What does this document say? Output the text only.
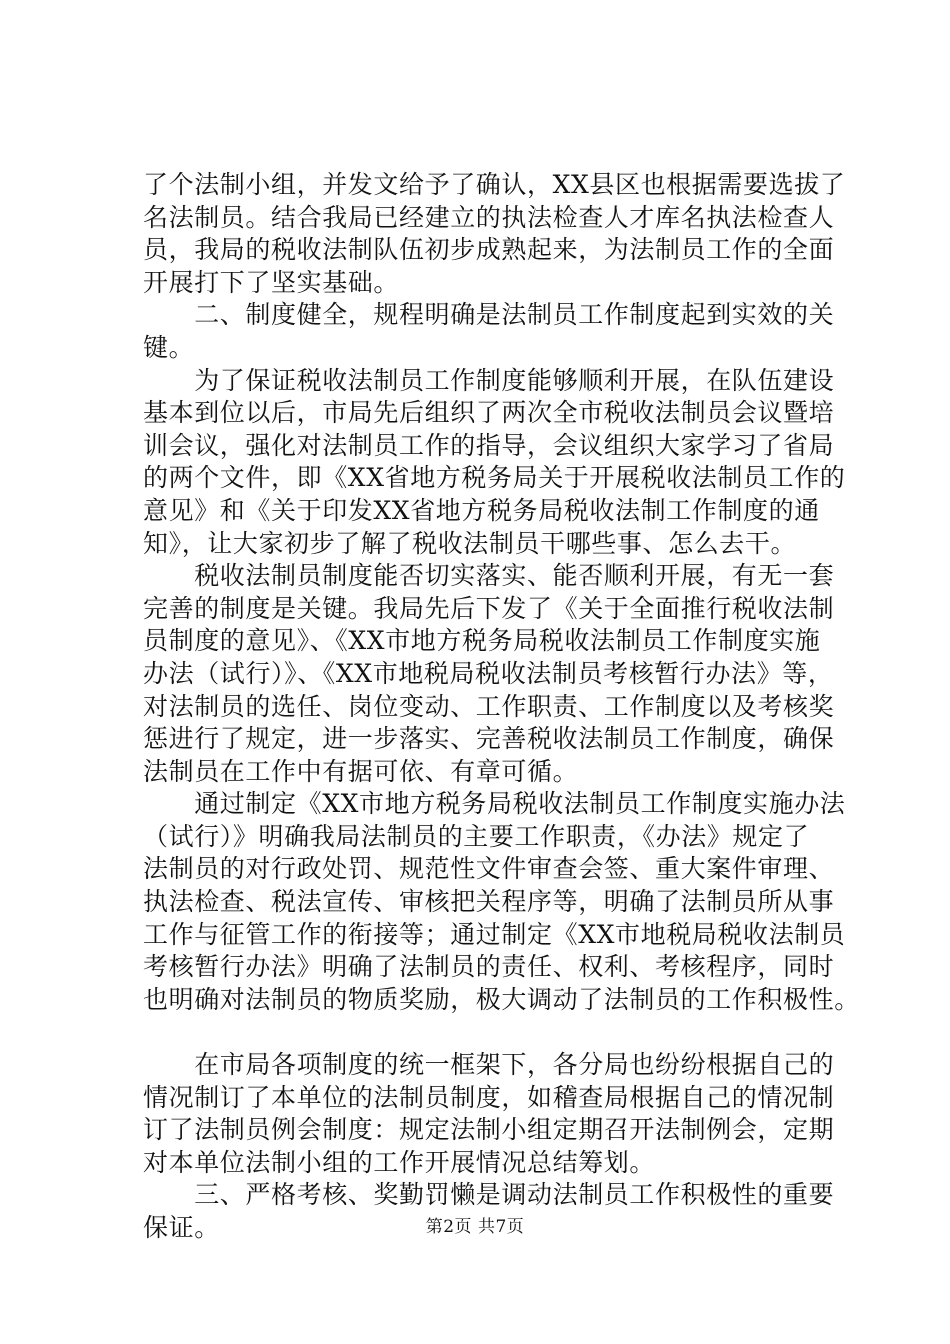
了个法制小组，并发文给予了确认，XX县区也根据需要选拔了
名法制员。结合我局已经建立的执法检查人才库名执法检查人
员，我局的税收法制队伍初步成熟起来，为法制员工作的全面
开展打下了坚实基础。
　　二、制度健全，规程明确是法制员工作制度起到实效的关
键。
　　为了保证税收法制员工作制度能够顺利开展，在队伍建设
基本到位以后，市局先后组织了两次全市税收法制员会议暨培
训会议，强化对法制员工作的指导，会议组织大家学习了省局
的两个文件，即《XX省地方税务局关于开展税收法制员工作的
意见》和《关于印发XX省地方税务局税收法制工作制度的通
知》，让大家初步了解了税收法制员干哪些事、怎么去干。
　　税收法制员制度能否切实落实、能否顺利开展，有无一套
完善的制度是关键。我局先后下发了《关于全面推行税收法制
员制度的意见》、《XX市地方税务局税收法制员工作制度实施
办法（试行）》、《XX市地税局税收法制员考核暂行办法》等，
对法制员的选任、岗位变动、工作职责、工作制度以及考核奖
惩进行了规定，进一步落实、完善税收法制员工作制度，确保
法制员在工作中有据可依、有章可循。
　　通过制定《XX市地方税务局税收法制员工作制度实施办法
（试行）》明确我局法制员的主要工作职责，《办法》规定了
法制员的对行政处罚、规范性文件审查会签、重大案件审理、
执法检查、税法宣传、审核把关程序等，明确了法制员所从事
工作与征管工作的衔接等；通过制定《XX市地税局税收法制员
考核暂行办法》明确了法制员的责任、权利、考核程序，同时
也明确对法制员的物质奖励，极大调动了法制员的工作积极性。
　　在市局各项制度的统一框架下，各分局也纷纷根据自己的
情况制订了本单位的法制员制度，如稽查局根据自己的情况制
订了法制员例会制度：规定法制小组定期召开法制例会，定期
对本单位法制小组的工作开展情况总结筹划。
　　三、严格考核、奖勤罚懒是调动法制员工作积极性的重要
保证。	第2页 共7页
